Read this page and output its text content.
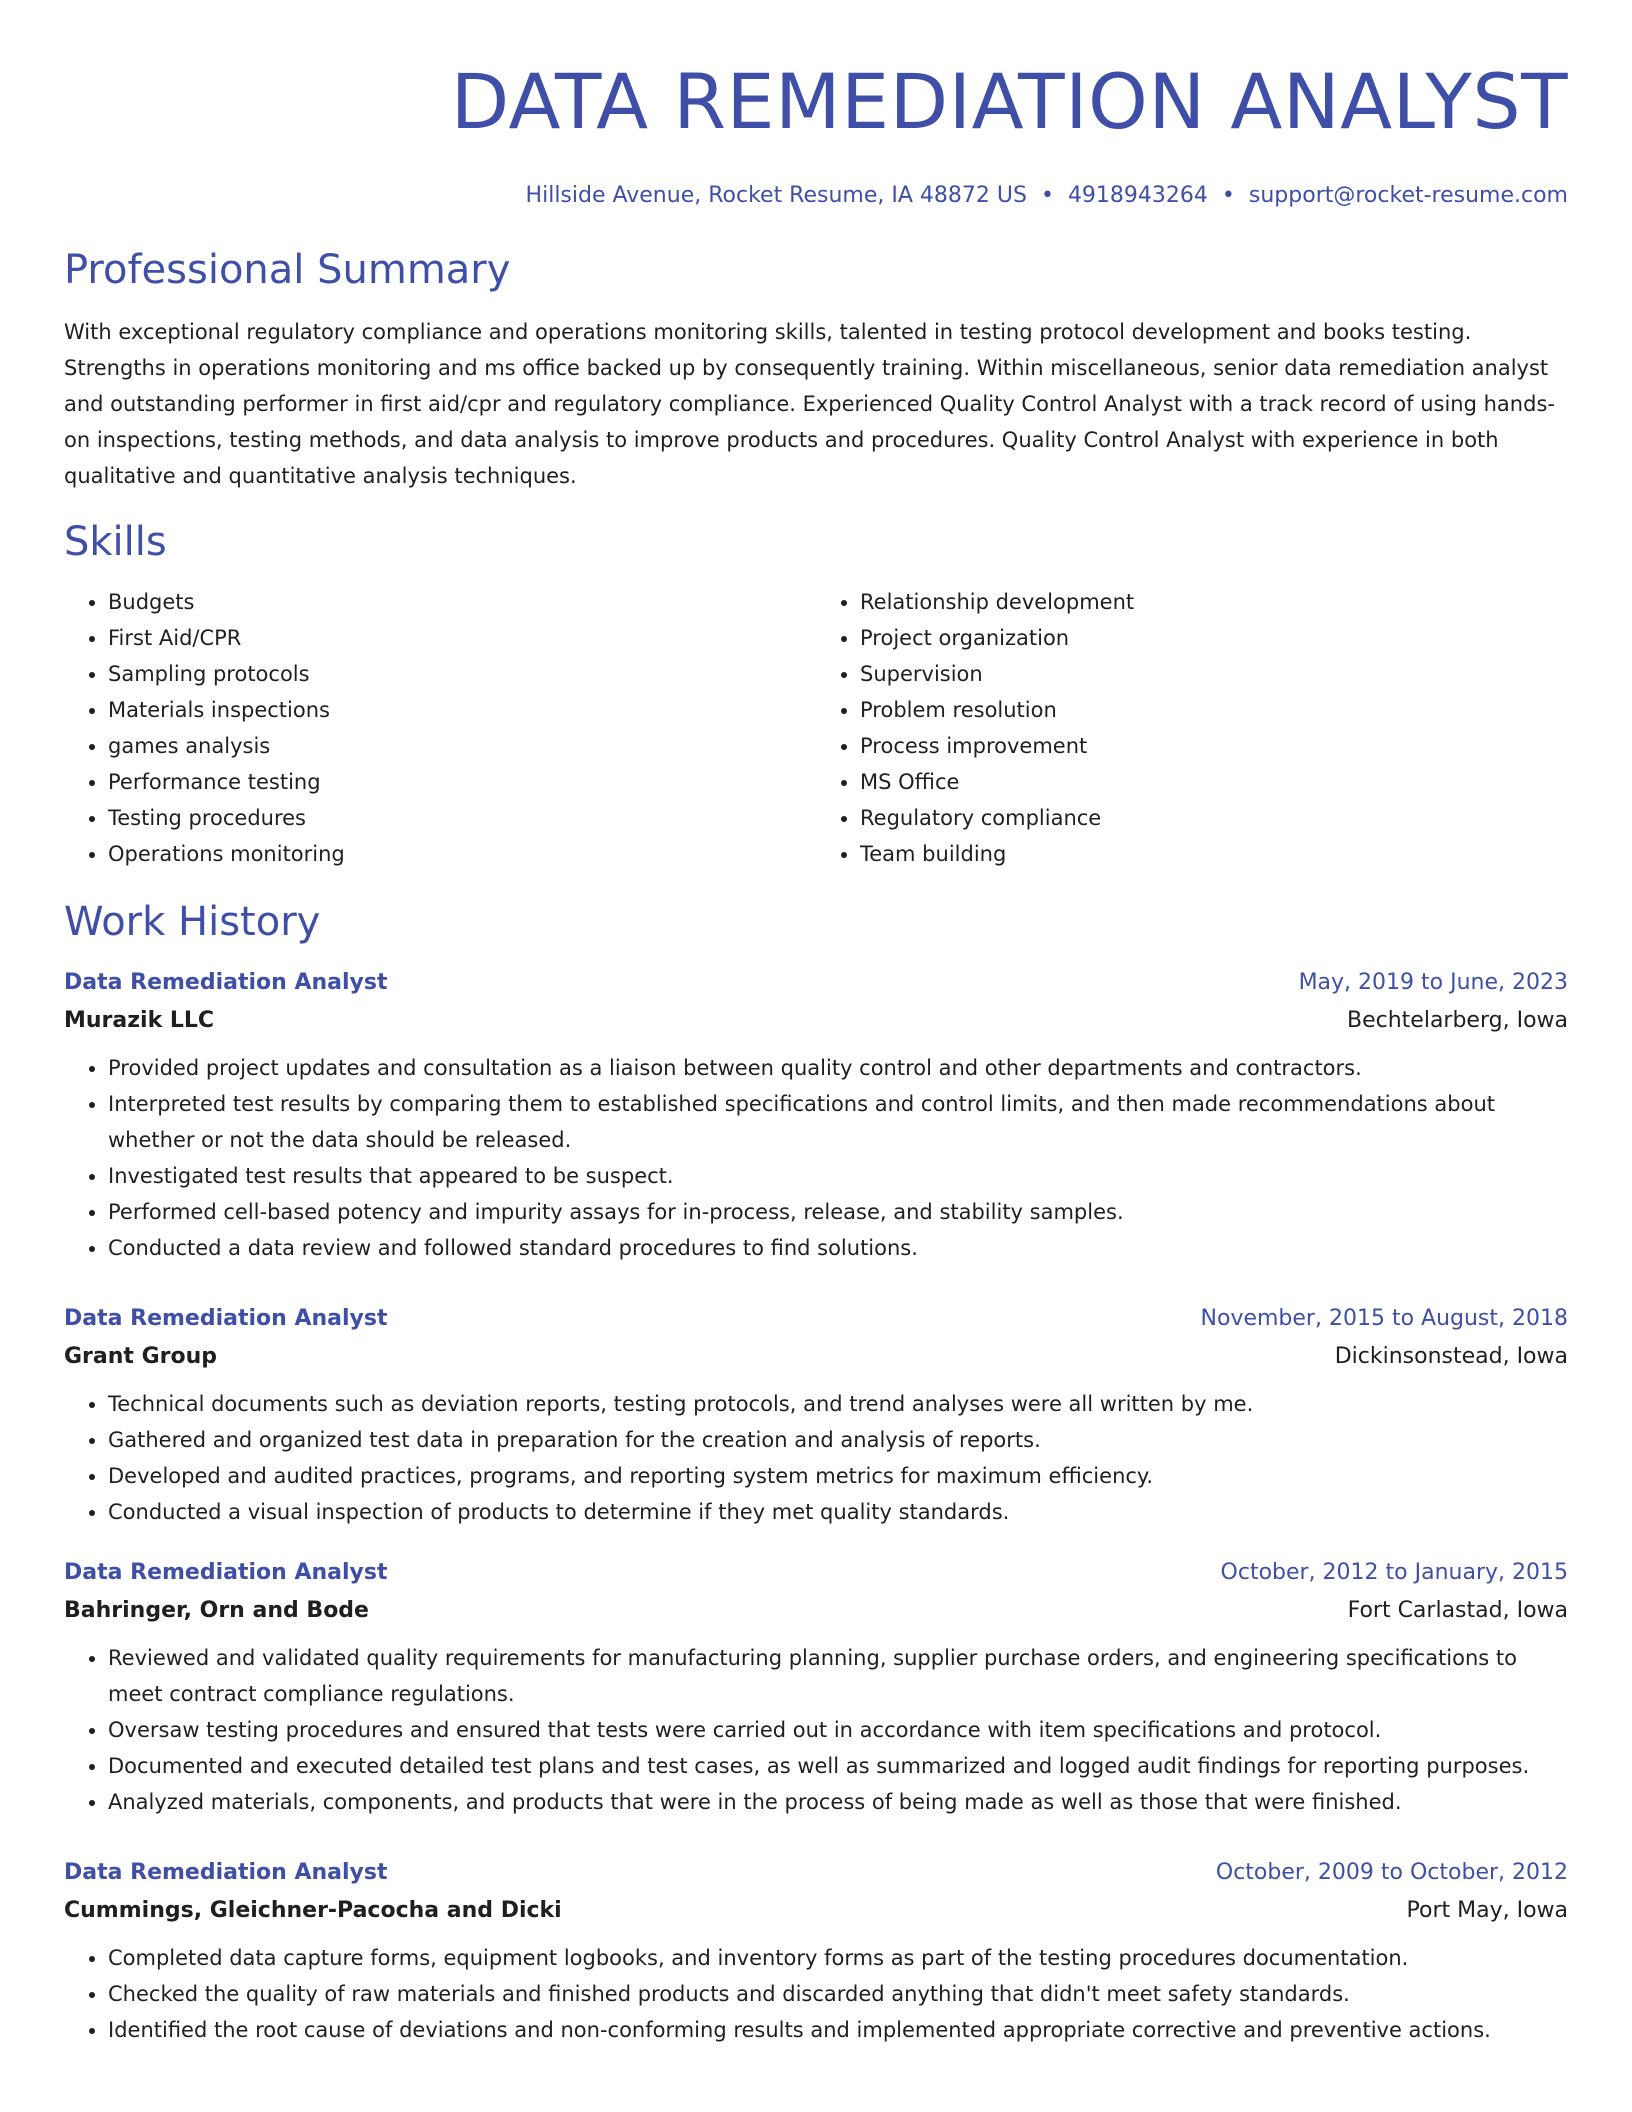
DATA REMEDIATION ANALYST
Hillside Avenue, Rocket Resume, IA 48872 US • 4918943264 • support@rocket-resume.com
Professional Summary
With exceptional regulatory compliance and operations monitoring skills, talented in testing protocol development and books testing. Strengths in operations monitoring and ms office backed up by consequently training. Within miscellaneous, senior data remediation analyst and outstanding performer in first aid/cpr and regulatory compliance. Experienced Quality Control Analyst with a track record of using hands-on inspections, testing methods, and data analysis to improve products and procedures. Quality Control Analyst with experience in both qualitative and quantitative analysis techniques.
Skills
• Budgets
• First Aid/CPR
• Sampling protocols
• Materials inspections
• games analysis
• Performance testing
• Testing procedures
• Operations monitoring
• Relationship development
• Project organization
• Supervision
• Problem resolution
• Process improvement
• MS Office
• Regulatory compliance
• Team building
Work History
Data Remediation Analyst	May, 2019 to June, 2023
Murazik LLC	Bechtelarberg, Iowa
• Provided project updates and consultation as a liaison between quality control and other departments and contractors.
• Interpreted test results by comparing them to established specifications and control limits, and then made recommendations about whether or not the data should be released.
• Investigated test results that appeared to be suspect.
• Performed cell-based potency and impurity assays for in-process, release, and stability samples.
• Conducted a data review and followed standard procedures to find solutions.
Data Remediation Analyst	November, 2015 to August, 2018
Grant Group	Dickinsonstead, Iowa
• Technical documents such as deviation reports, testing protocols, and trend analyses were all written by me.
• Gathered and organized test data in preparation for the creation and analysis of reports.
• Developed and audited practices, programs, and reporting system metrics for maximum efficiency.
• Conducted a visual inspection of products to determine if they met quality standards.
Data Remediation Analyst	October, 2012 to January, 2015
Bahringer, Orn and Bode	Fort Carlastad, Iowa
• Reviewed and validated quality requirements for manufacturing planning, supplier purchase orders, and engineering specifications to meet contract compliance regulations.
• Oversaw testing procedures and ensured that tests were carried out in accordance with item specifications and protocol.
• Documented and executed detailed test plans and test cases, as well as summarized and logged audit findings for reporting purposes.
• Analyzed materials, components, and products that were in the process of being made as well as those that were finished.
Data Remediation Analyst	October, 2009 to October, 2012
Cummings, Gleichner-Pacocha and Dicki	Port May, Iowa
• Completed data capture forms, equipment logbooks, and inventory forms as part of the testing procedures documentation.
• Checked the quality of raw materials and finished products and discarded anything that didn't meet safety standards.
• Identified the root cause of deviations and non-conforming results and implemented appropriate corrective and preventive actions.
